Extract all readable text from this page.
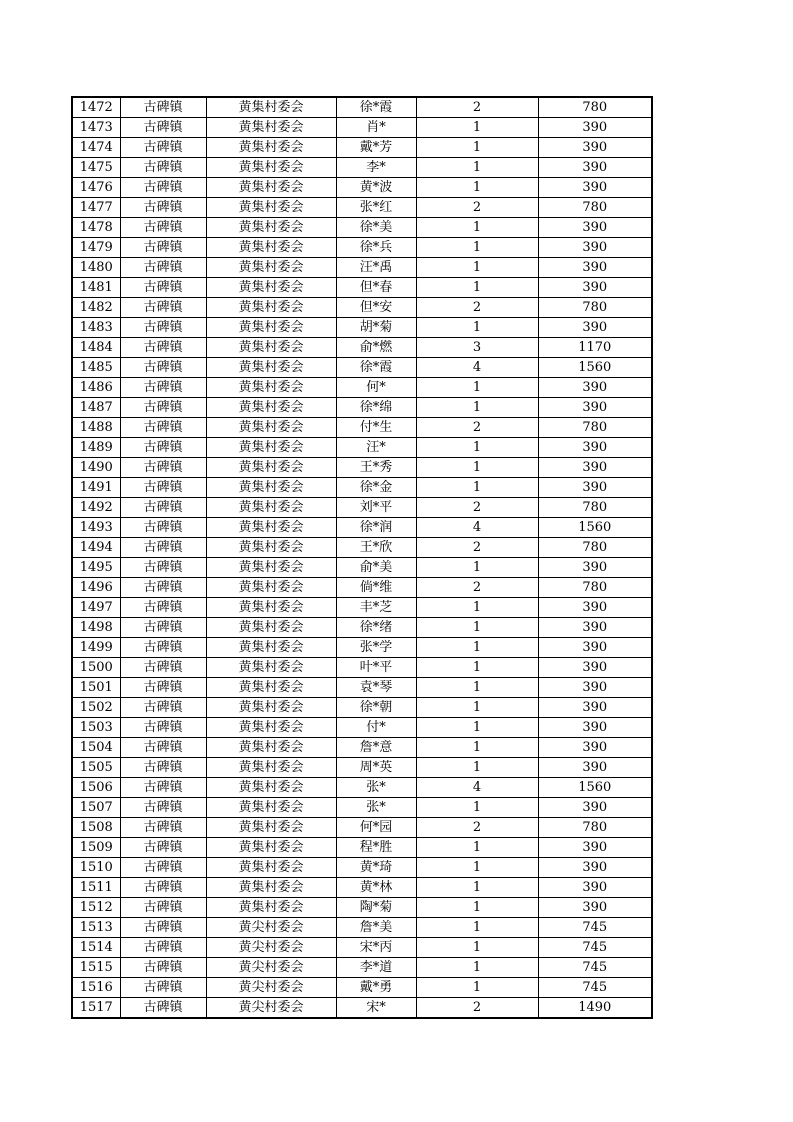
1472	古碑镇	黄集村委会	徐*霞	2	780
1473	古碑镇	黄集村委会	肖*	1	390
1474	古碑镇	黄集村委会	戴*芳	1	390
1475	古碑镇	黄集村委会	李*	1	390
1476	古碑镇	黄集村委会	黄*波	1	390
1477	古碑镇	黄集村委会	张*红	2	780
1478	古碑镇	黄集村委会	徐*美	1	390
1479	古碑镇	黄集村委会	徐*兵	1	390
1480	古碑镇	黄集村委会	汪*禹	1	390
1481	古碑镇	黄集村委会	但*春	1	390
1482	古碑镇	黄集村委会	但*安	2	780
1483	古碑镇	黄集村委会	胡*菊	1	390
1484	古碑镇	黄集村委会	俞*燃	3	1170
1485	古碑镇	黄集村委会	徐*霞	4	1560
1486	古碑镇	黄集村委会	何*	1	390
1487	古碑镇	黄集村委会	徐*绵	1	390
1488	古碑镇	黄集村委会	付*生	2	780
1489	古碑镇	黄集村委会	汪*	1	390
1490	古碑镇	黄集村委会	王*秀	1	390
1491	古碑镇	黄集村委会	徐*金	1	390
1492	古碑镇	黄集村委会	刘*平	2	780
1493	古碑镇	黄集村委会	徐*润	4	1560
1494	古碑镇	黄集村委会	王*欣	2	780
1495	古碑镇	黄集村委会	俞*美	1	390
1496	古碑镇	黄集村委会	倘*维	2	780
1497	古碑镇	黄集村委会	丰*芝	1	390
1498	古碑镇	黄集村委会	徐*绪	1	390
1499	古碑镇	黄集村委会	张*学	1	390
1500	古碑镇	黄集村委会	叶*平	1	390
1501	古碑镇	黄集村委会	袁*琴	1	390
1502	古碑镇	黄集村委会	徐*朝	1	390
1503	古碑镇	黄集村委会	付*	1	390
1504	古碑镇	黄集村委会	詹*意	1	390
1505	古碑镇	黄集村委会	周*英	1	390
1506	古碑镇	黄集村委会	张*	4	1560
1507	古碑镇	黄集村委会	张*	1	390
1508	古碑镇	黄集村委会	何*园	2	780
1509	古碑镇	黄集村委会	程*胜	1	390
1510	古碑镇	黄集村委会	黄*琦	1	390
1511	古碑镇	黄集村委会	黄*林	1	390
1512	古碑镇	黄集村委会	陶*菊	1	390
1513	古碑镇	黄尖村委会	詹*美	1	745
1514	古碑镇	黄尖村委会	宋*丙	1	745
1515	古碑镇	黄尖村委会	李*道	1	745
1516	古碑镇	黄尖村委会	戴*勇	1	745
1517	古碑镇	黄尖村委会	宋*	2	1490
